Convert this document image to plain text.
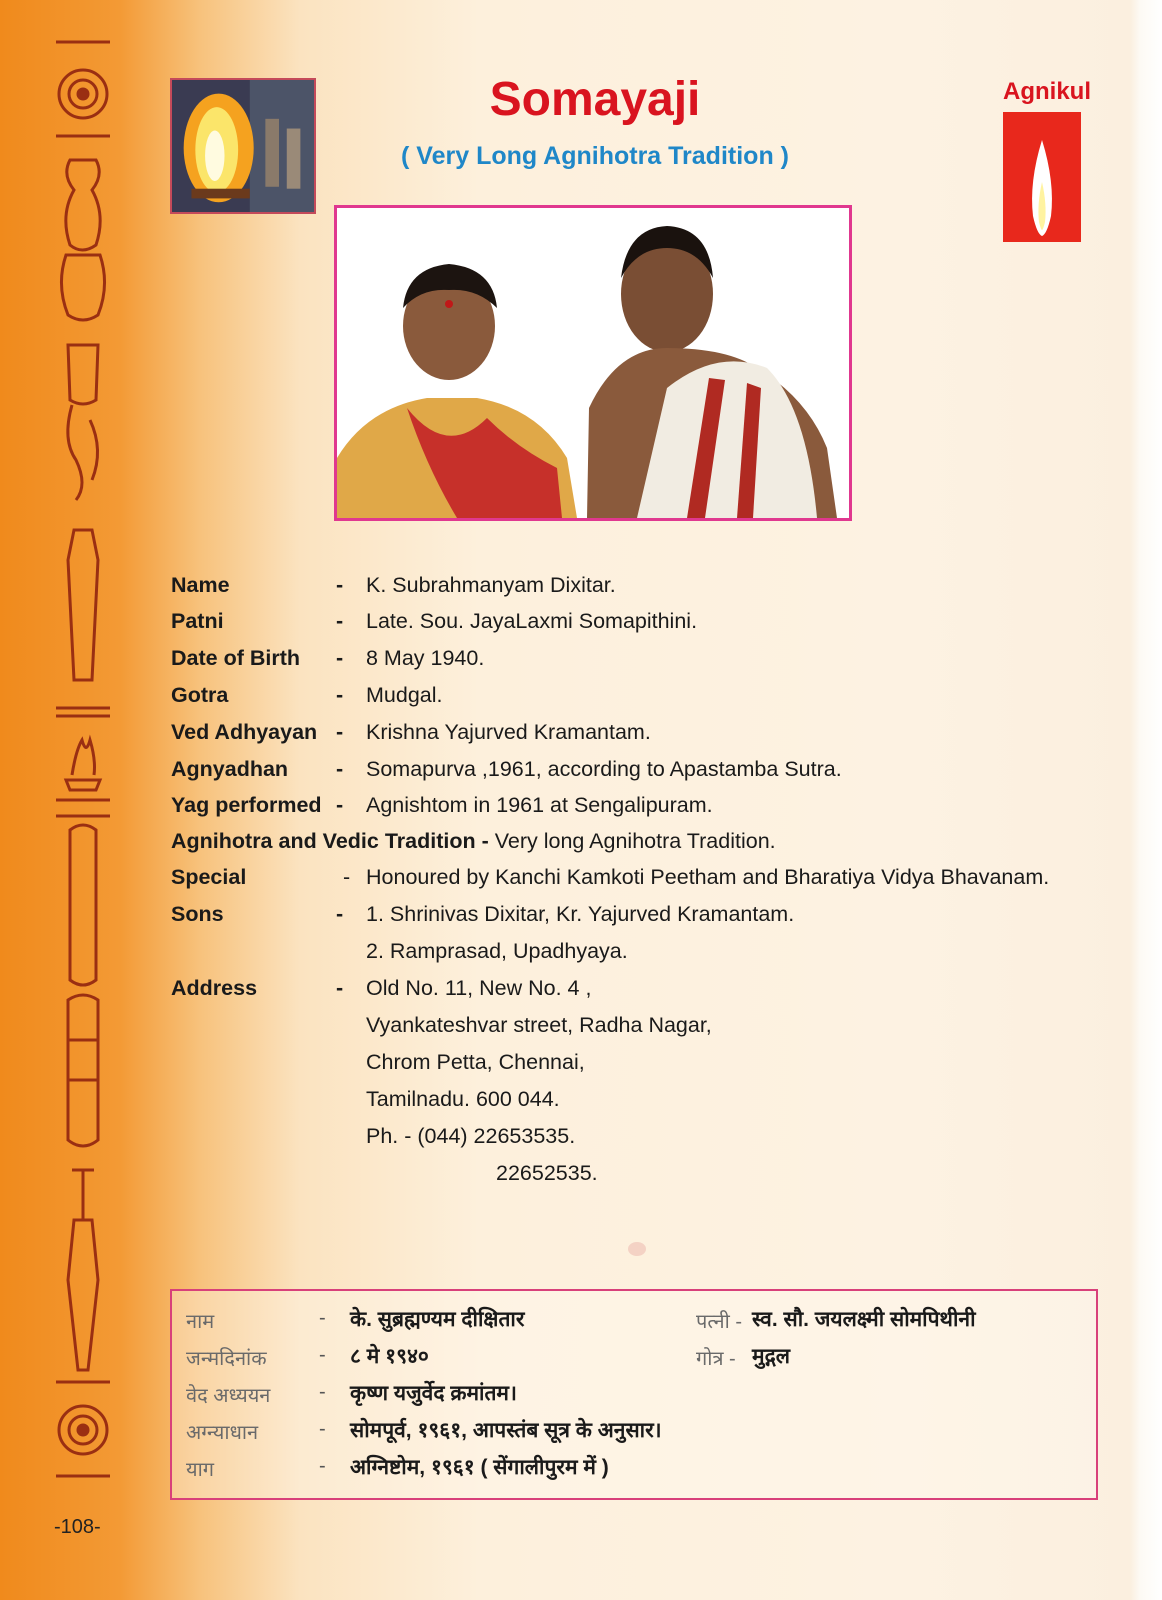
-108-
Somayaji
( Very Long Agnihotra Tradition )
Agnikul
Name	- K. Subrahmanyam Dixitar.
Patni	- Late. Sou. JayaLaxmi Somapithini.
Date of Birth - 8 May 1940.
Gotra	- Mudgal.
Ved Adhyayan - Krishna Yajurved Kramantam.
Agnyadhan - Somapurva ,1961, according to Apastamba Sutra.
Yag performed - Agnishtom in 1961 at Sengalipuram.
Agnihotra and Vedic Tradition - Very long Agnihotra Tradition.
Special	- Honoured by Kanchi Kamkoti Peetham and Bharatiya Vidya Bhavanam.
Sons	- 1. Shrinivas Dixitar, Kr. Yajurved Kramantam.
2. Ramprasad, Upadhyaya.
Address	- Old No. 11, New No. 4 ,
Vyankateshvar street, Radha Nagar,
Chrom Petta, Chennai,
Tamilnadu. 600 044.
Ph. - (044) 22653535.
22652535.
नाम	- के. सुब्रह्मण्यम दीक्षितार	पत्नी - स्व. सौ. जयलक्ष्मी सोमपिथीनी
जन्मदिनांक	- ८ मे १९४०	गोत्र - मुद्गल
वेद अध्ययन - कृष्ण यजुर्वेद क्रमांतम।
अग्न्याधान	- सोमपूर्व, १९६१, आपस्तंब सूत्र के अनुसार।
याग	- अग्निष्टोम, १९६१ ( सेंगालीपुरम में )
